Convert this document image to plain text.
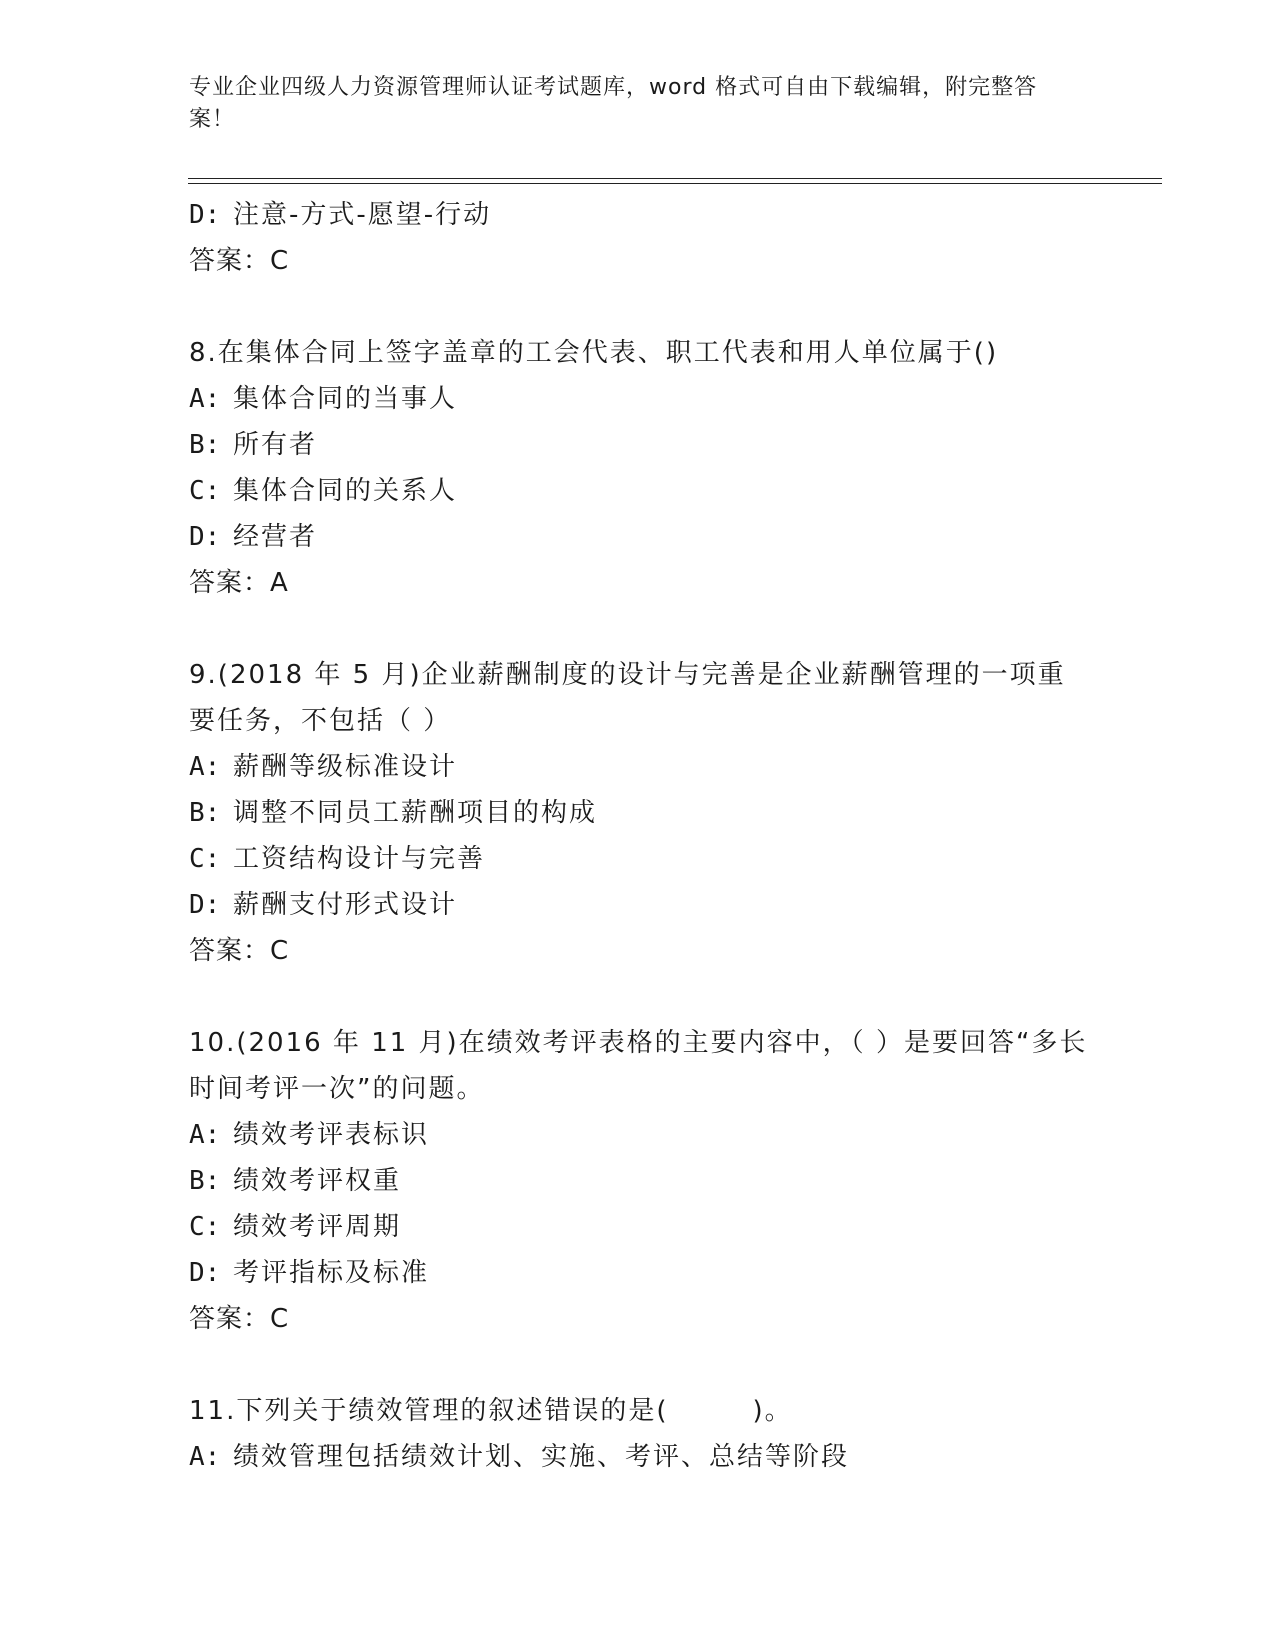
专业企业四级人力资源管理师认证考试题库，word 格式可自由下载编辑，附完整答案！
D: 注意-方式-愿望-行动
答案：C
8.在集体合同上签字盖章的工会代表、职工代表和用人单位属于()
A: 集体合同的当事人
B: 所有者
C: 集体合同的关系人
D: 经营者
答案：A
9.(2018 年 5 月)企业薪酬制度的设计与完善是企业薪酬管理的一项重要任务，不包括（ ）
A: 薪酬等级标准设计
B: 调整不同员工薪酬项目的构成
C: 工资结构设计与完善
D: 薪酬支付形式设计
答案：C
10.(2016 年 11 月)在绩效考评表格的主要内容中，（ ）是要回答“多长时间考评一次”的问题。
A: 绩效考评表标识
B: 绩效考评权重
C: 绩效考评周期
D: 考评指标及标准
答案：C
11.下列关于绩效管理的叙述错误的是(　　　)。
A: 绩效管理包括绩效计划、实施、考评、总结等阶段
